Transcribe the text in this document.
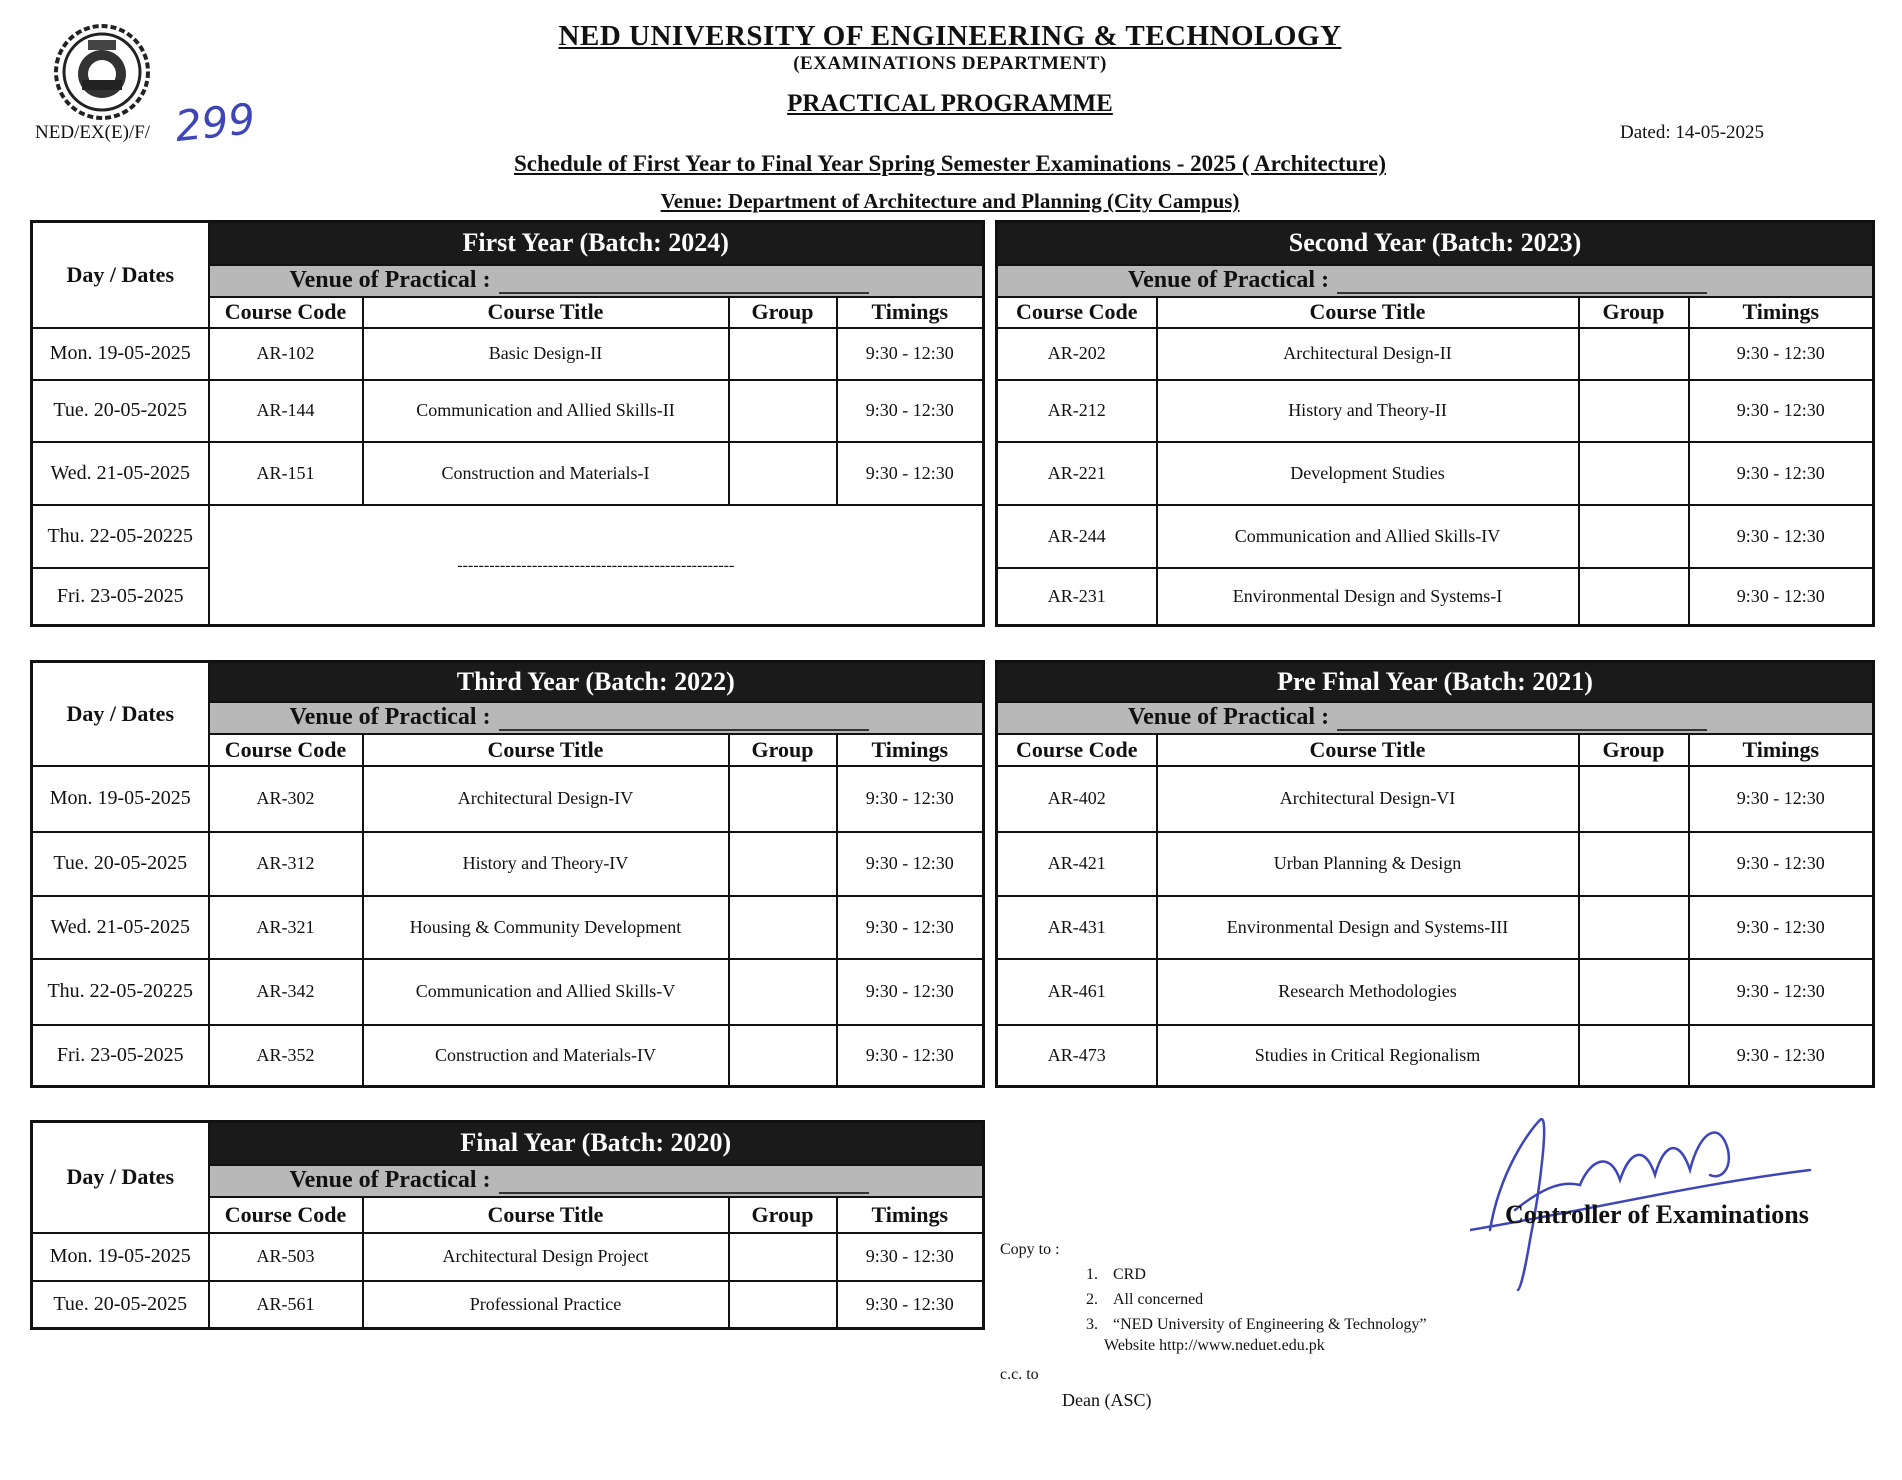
NED UNIVERSITY OF ENGINEERING & TECHNOLOGY
(EXAMINATIONS DEPARTMENT)
PRACTICAL PROGRAMME
NED/EX(E)/F/ 299	Dated: 14-05-2025
Schedule of First Year to Final Year Spring Semester Examinations - 2025 ( Architecture)
Venue: Department of Architecture and Planning (City Campus)
Day / Dates	First Year (Batch: 2024)			
	Venue of Practical :			
	Course Code	Course Title	Group	Timings
Mon. 19-05-2025	AR-102	Basic Design-II		9:30 - 12:30
Tue. 20-05-2025	AR-144	Communication and Allied Skills-II		9:30 - 12:30
Wed. 21-05-2025	AR-151	Construction and Materials-I		9:30 - 12:30
Thu. 22-05-20225	----------------------------------------------------			
Fri. 23-05-2025				
Second Year (Batch: 2023)			
Venue of Practical :			
Course Code	Course Title	Group	Timings
AR-202	Architectural Design-II		9:30 - 12:30
AR-212	History and Theory-II		9:30 - 12:30
AR-221	Development Studies		9:30 - 12:30
AR-244	Communication and Allied Skills-IV		9:30 - 12:30
AR-231	Environmental Design and Systems-I		9:30 - 12:30
Day / Dates	Third Year (Batch: 2022)			
	Venue of Practical :			
	Course Code	Course Title	Group	Timings
Mon. 19-05-2025	AR-302	Architectural Design-IV		9:30 - 12:30
Tue. 20-05-2025	AR-312	History and Theory-IV		9:30 - 12:30
Wed. 21-05-2025	AR-321	Housing & Community Development		9:30 - 12:30
Thu. 22-05-20225	AR-342	Communication and Allied Skills-V		9:30 - 12:30
Fri. 23-05-2025	AR-352	Construction and Materials-IV		9:30 - 12:30
Pre Final Year (Batch: 2021)			
Venue of Practical :			
Course Code	Course Title	Group	Timings
AR-402	Architectural Design-VI		9:30 - 12:30
AR-421	Urban Planning & Design		9:30 - 12:30
AR-431	Environmental Design and Systems-III		9:30 - 12:30
AR-461	Research Methodologies		9:30 - 12:30
AR-473	Studies in Critical Regionalism		9:30 - 12:30
Day / Dates	Final Year (Batch: 2020)			
	Venue of Practical :			
	Course Code	Course Title	Group	Timings
Mon. 19-05-2025	AR-503	Architectural Design Project		9:30 - 12:30
Tue. 20-05-2025	AR-561	Professional Practice		9:30 - 12:30
Copy to :
1. CRD
2. All concerned
3. “NED University of Engineering & Technology”
Website http://www.neduet.edu.pk
c.c. to
Dean (ASC)
Controller of Examinations
